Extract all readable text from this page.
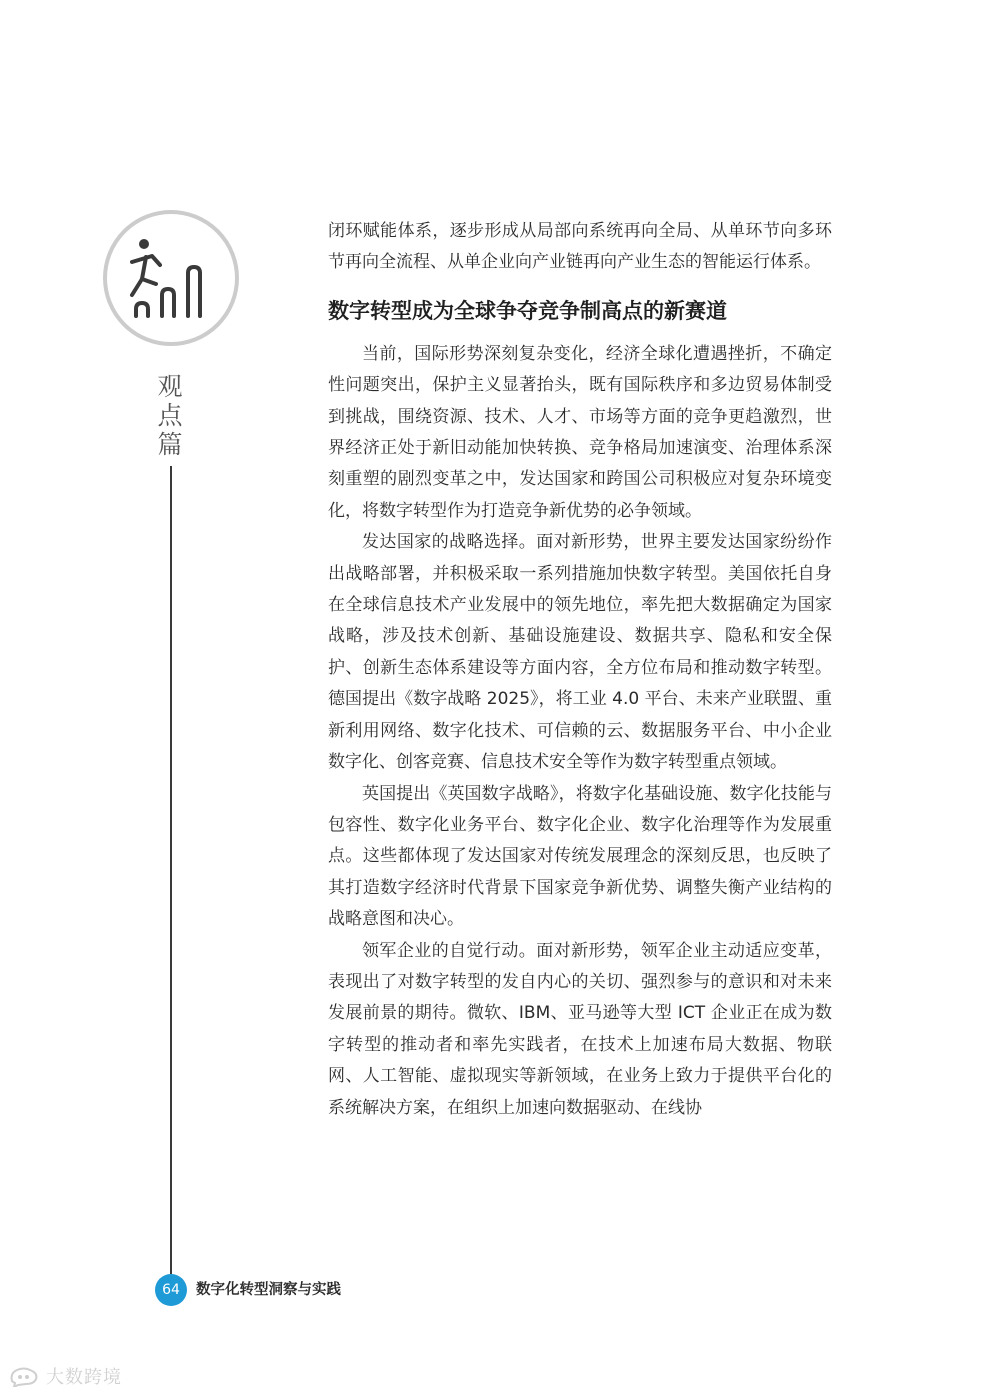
观点篇

闭环赋能体系，逐步形成从局部向系统再向全局、从单环节向多环节再向全流程、从单企业向产业链再向产业生态的智能运行体系。

数字转型成为全球争夺竞争制高点的新赛道

当前，国际形势深刻复杂变化，经济全球化遭遇挫折，不确定性问题突出，保护主义显著抬头，既有国际秩序和多边贸易体制受到挑战，围绕资源、技术、人才、市场等方面的竞争更趋激烈，世界经济正处于新旧动能加快转换、竞争格局加速演变、治理体系深刻重塑的剧烈变革之中，发达国家和跨国公司积极应对复杂环境变化，将数字转型作为打造竞争新优势的必争领域。

发达国家的战略选择。面对新形势，世界主要发达国家纷纷作出战略部署，并积极采取一系列措施加快数字转型。美国依托自身在全球信息技术产业发展中的领先地位，率先把大数据确定为国家战略，涉及技术创新、基础设施建设、数据共享、隐私和安全保护、创新生态体系建设等方面内容，全方位布局和推动数字转型。德国提出《数字战略 2025》，将工业 4.0 平台、未来产业联盟、重新利用网络、数字化技术、可信赖的云、数据服务平台、中小企业数字化、创客竞赛、信息技术安全等作为数字转型重点领域。

英国提出《英国数字战略》，将数字化基础设施、数字化技能与包容性、数字化业务平台、数字化企业、数字化治理等作为发展重点。这些都体现了发达国家对传统发展理念的深刻反思，也反映了其打造数字经济时代背景下国家竞争新优势、调整失衡产业结构的战略意图和决心。

领军企业的自觉行动。面对新形势，领军企业主动适应变革，表现出了对数字转型的发自内心的关切、强烈参与的意识和对未来发展前景的期待。微软、IBM、亚马逊等大型 ICT 企业正在成为数字转型的推动者和率先实践者，在技术上加速布局大数据、物联网、人工智能、虚拟现实等新领域，在业务上致力于提供平台化的系统解决方案，在组织上加速向数据驱动、在线协

64	数字化转型洞察与实践
大数跨境
